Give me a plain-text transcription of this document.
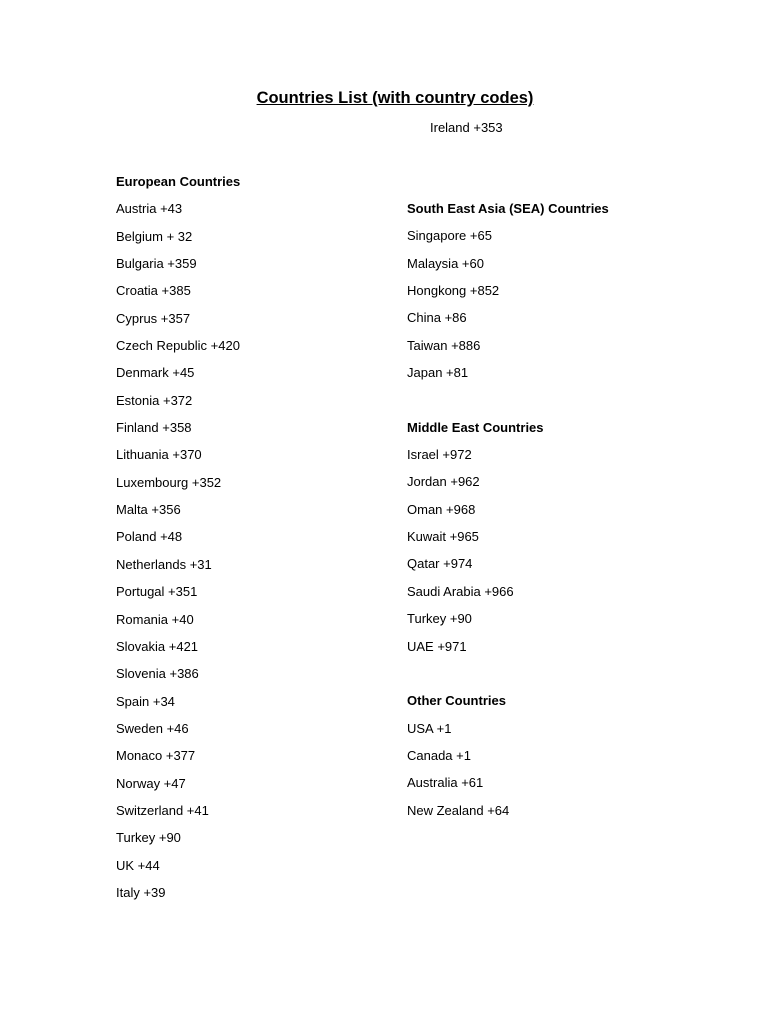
Countries List (with country codes)
Ireland +353
European Countries
Austria +43
Belgium + 32
Bulgaria +359
Croatia +385
Cyprus +357
Czech Republic +420
Denmark +45
Estonia +372
Finland +358
Lithuania +370
Luxembourg +352
Malta +356
Poland +48
Netherlands +31
Portugal +351
Romania +40
Slovakia +421
Slovenia +386
Spain +34
Sweden +46
Monaco +377
Norway +47
Switzerland +41
Turkey +90
UK +44
Italy +39
South East Asia (SEA) Countries
Singapore +65
Malaysia +60
Hongkong +852
China +86
Taiwan +886
Japan +81
Middle East Countries
Israel +972
Jordan +962
Oman +968
Kuwait +965
Qatar +974
Saudi Arabia +966
Turkey +90
UAE +971
Other Countries
USA +1
Canada +1
Australia +61
New Zealand +64
